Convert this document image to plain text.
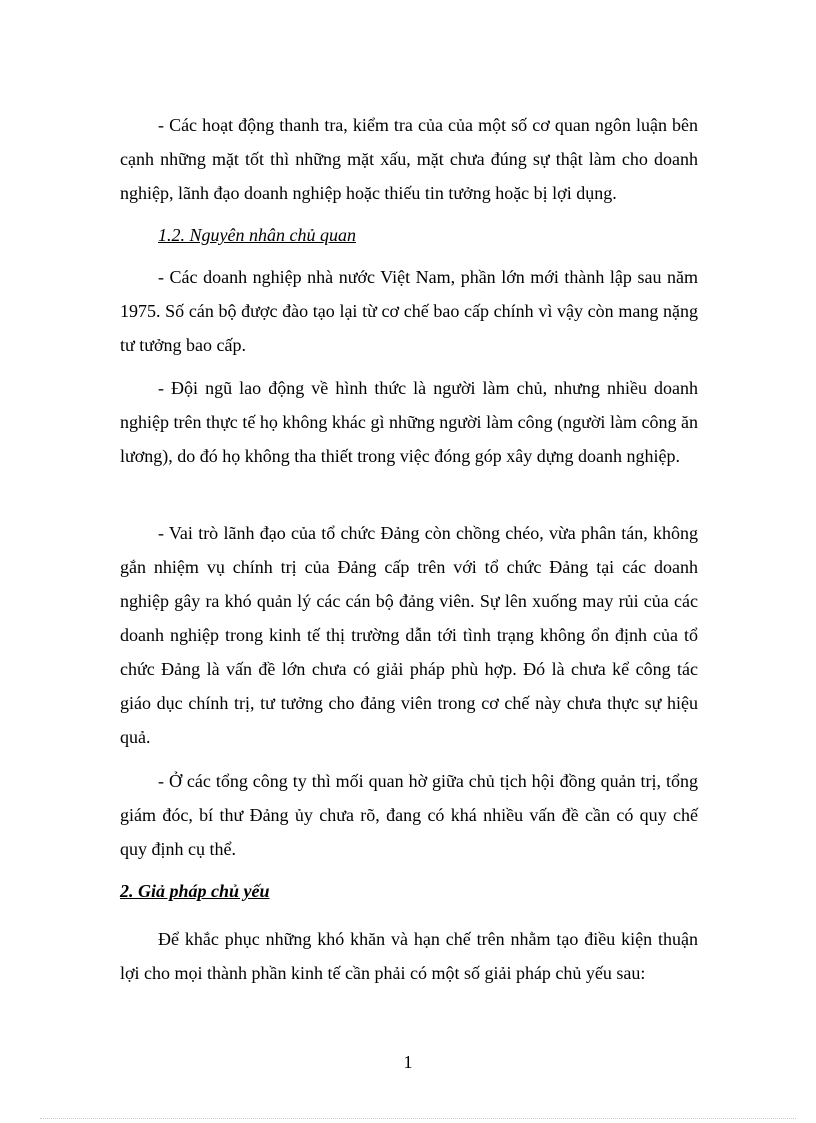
- Các hoạt động thanh tra, kiểm tra của của một số cơ quan ngôn luận bên cạnh những mặt tốt thì những mặt xấu, mặt chưa đúng sự thật làm cho doanh nghiệp, lãnh đạo doanh nghiệp hoặc thiếu tin tưởng hoặc bị lợi dụng.

1.2. Nguyên nhân chủ quan

- Các doanh nghiệp nhà nước Việt Nam, phần lớn mới thành lập sau năm 1975. Số cán bộ được đào tạo lại từ cơ chế bao cấp chính vì vậy còn mang nặng tư tưởng bao cấp.

- Đội ngũ lao động về hình thức là người làm chủ, nhưng nhiều doanh nghiệp trên thực tế họ không khác gì những người làm công (người làm công ăn lương), do đó họ không tha thiết trong việc đóng góp xây dựng doanh nghiệp.

- Vai trò lãnh đạo của tổ chức Đảng còn chồng chéo, vừa phân tán, không gắn nhiệm vụ chính trị của Đảng cấp trên với tổ chức Đảng tại các doanh nghiệp gây ra khó quản lý các cán bộ đảng viên. Sự lên xuống may rủi của các doanh nghiệp trong kinh tế thị trường dẫn tới tình trạng không ổn định của tổ chức Đảng là vấn đề lớn chưa có giải pháp phù hợp. Đó là chưa kể công tác giáo dục chính trị, tư tưởng cho đảng viên trong cơ chế này chưa thực sự hiệu quả.

- Ở các tổng công ty thì mối quan hờ giữa chủ tịch hội đồng quản trị, tổng giám đóc, bí thư Đảng ủy chưa rõ, đang có khá nhiều vấn đề cần có quy chế quy định cụ thể.

2. Giả pháp chủ yếu

Để khắc phục những khó khăn và hạn chế trên nhằm tạo điều kiện thuận lợi cho mọi thành phần kinh tế cần phải có một số giải pháp chủ yếu sau:

1
